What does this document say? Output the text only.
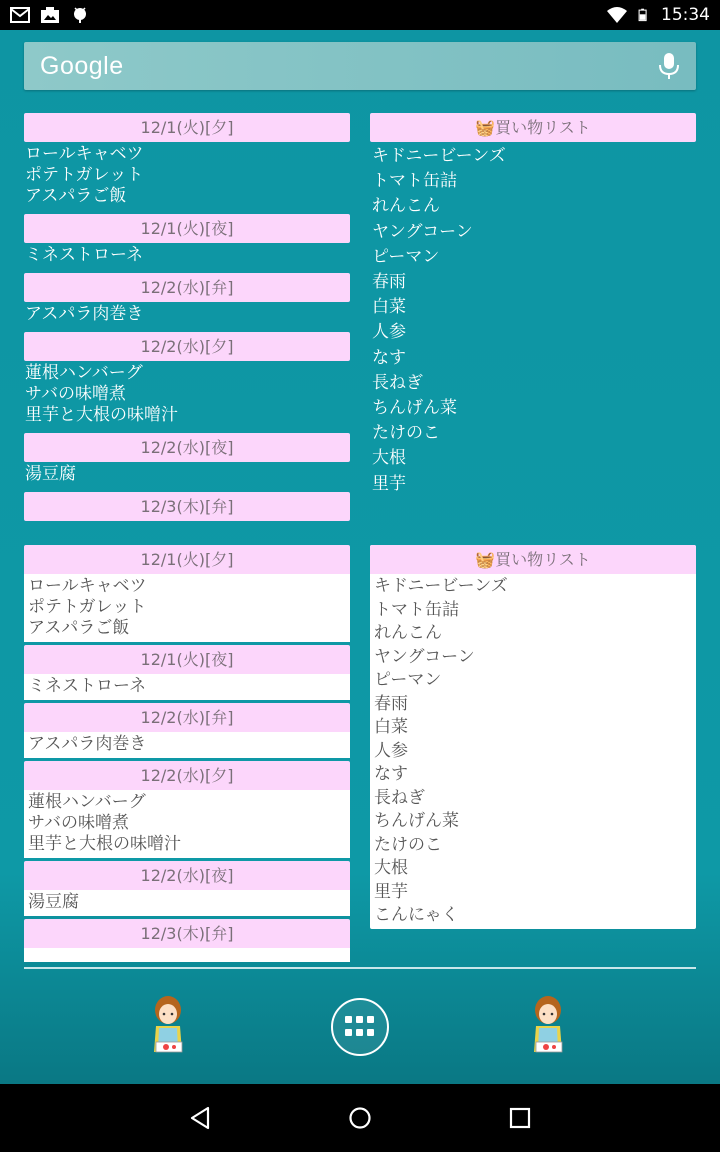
15:34
Google
12/1(火)[夕]
ロールキャベツ
ポテトガレット
アスパラご飯
12/1(火)[夜]
ミネストローネ
12/2(水)[弁]
アスパラ肉巻き
12/2(水)[夕]
蓮根ハンバーグ
サバの味噌煮
里芋と大根の味噌汁
12/2(水)[夜]
湯豆腐
12/3(木)[弁]
🧺買い物リスト
キドニービーンズ
トマト缶詰
れんこん
ヤングコーン
ピーマン
春雨
白菜
人参
なす
長ねぎ
ちんげん菜
たけのこ
大根
里芋
12/1(火)[夕]
ロールキャベツ
ポテトガレット
アスパラご飯
12/1(火)[夜]
ミネストローネ
12/2(水)[弁]
アスパラ肉巻き
12/2(水)[夕]
蓮根ハンバーグ
サバの味噌煮
里芋と大根の味噌汁
12/2(水)[夜]
湯豆腐
12/3(木)[弁]
🧺買い物リスト
キドニービーンズ
トマト缶詰
れんこん
ヤングコーン
ピーマン
春雨
白菜
人参
なす
長ねぎ
ちんげん菜
たけのこ
大根
里芋
こんにゃく
